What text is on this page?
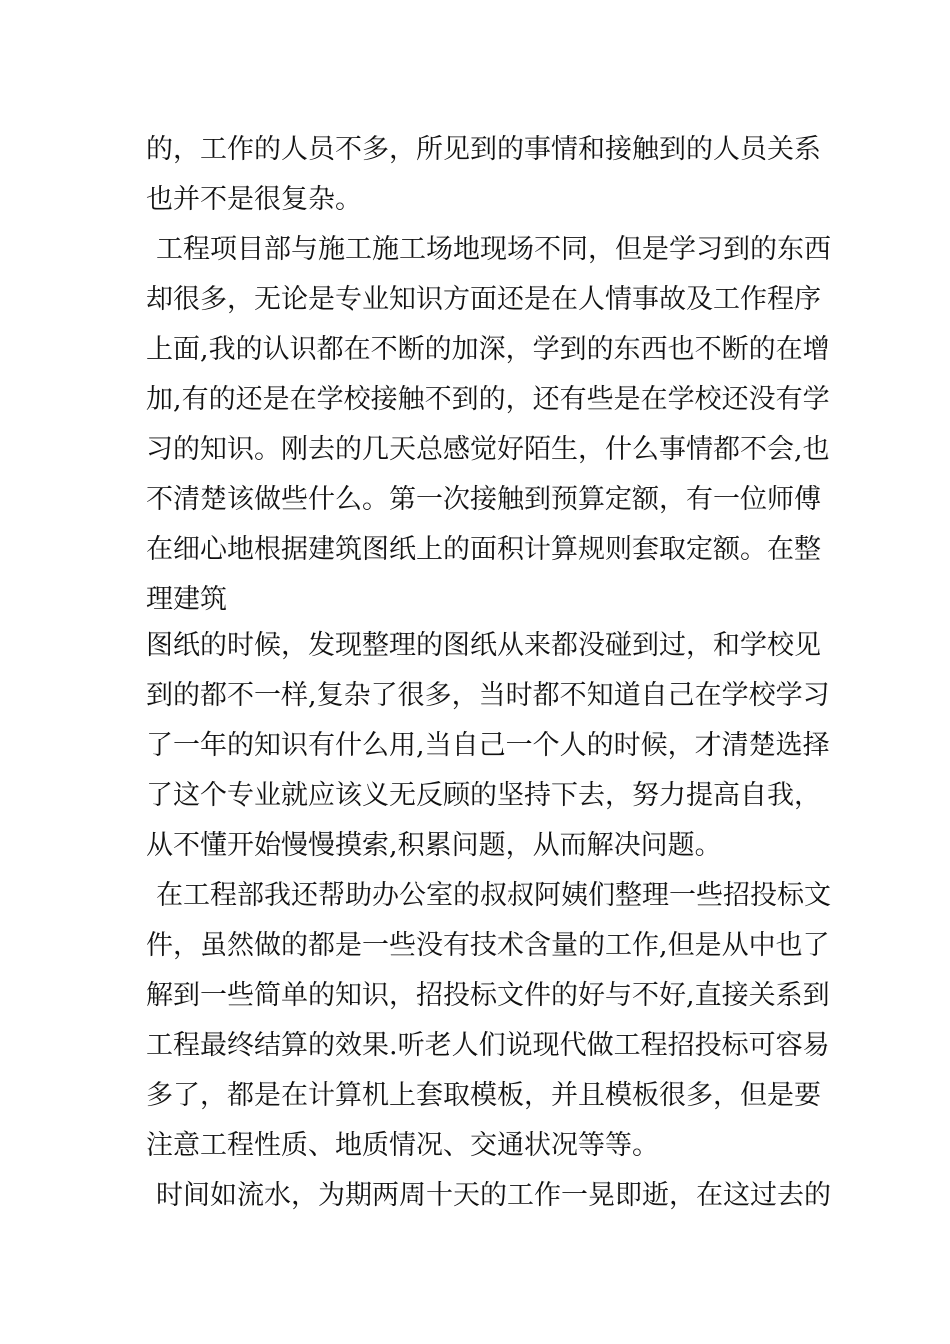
的，工作的人员不多，所见到的事情和接触到的人员关系
也并不是很复杂。
工程项目部与施工施工场地现场不同，但是学习到的东西
却很多，无论是专业知识方面还是在人情事故及工作程序
上面,我的认识都在不断的加深，学到的东西也不断的在增
加,有的还是在学校接触不到的，还有些是在学校还没有学
习的知识。刚去的几天总感觉好陌生，什么事情都不会,也
不清楚该做些什么。第一次接触到预算定额，有一位师傅
在细心地根据建筑图纸上的面积计算规则套取定额。在整
理建筑
图纸的时候，发现整理的图纸从来都没碰到过，和学校见
到的都不一样,复杂了很多，当时都不知道自己在学校学习
了一年的知识有什么用,当自己一个人的时候，才清楚选择
了这个专业就应该义无反顾的坚持下去，努力提高自我，
从不懂开始慢慢摸索,积累问题，从而解决问题。
在工程部我还帮助办公室的叔叔阿姨们整理一些招投标文
件，虽然做的都是一些没有技术含量的工作,但是从中也了
解到一些简单的知识，招投标文件的好与不好,直接关系到
工程最终结算的效果.听老人们说现代做工程招投标可容易
多了，都是在计算机上套取模板，并且模板很多，但是要
注意工程性质、地质情况、交通状况等等。
时间如流水，为期两周十天的工作一晃即逝，在这过去的
